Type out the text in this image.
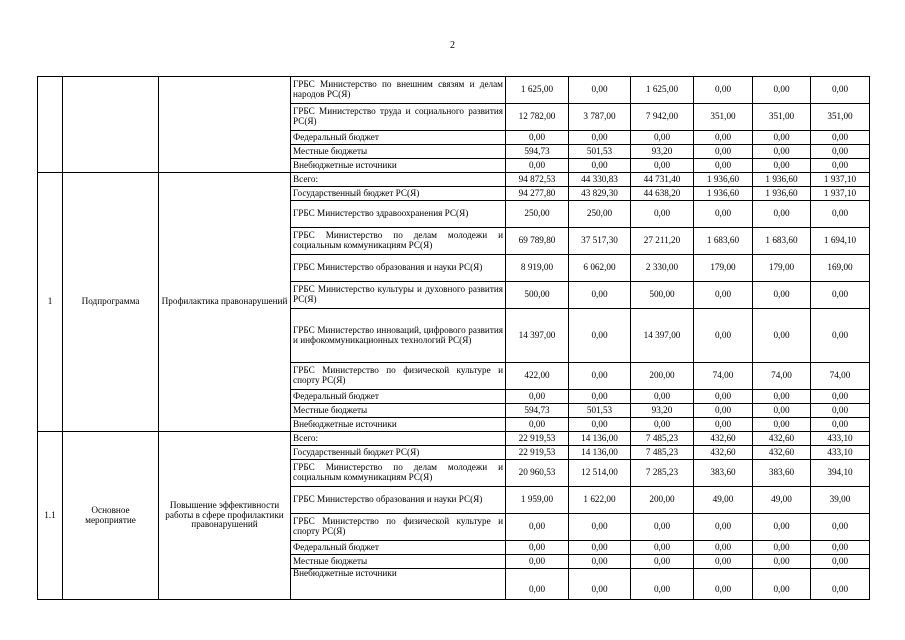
2
			ГРБС Министерство по внешним связям и делам народов РС(Я)	1 625,00	0,00	1 625,00	0,00	0,00	0,00
			ГРБС Министерство труда и социального развития РС(Я)	12 782,00	3 787,00	7 942,00	351,00	351,00	351,00
			Федеральный бюджет	0,00	0,00	0,00	0,00	0,00	0,00
			Местные бюджеты	594,73	501,53	93,20	0,00	0,00	0,00
			Внебюджетные источники	0,00	0,00	0,00	0,00	0,00	0,00
1	Подпрограмма	Профилактика правонарушений	Всего:	94 872,53	44 330,83	44 731,40	1 936,60	1 936,60	1 937,10
			Государственный бюджет РС(Я)	94 277,80	43 829,30	44 638,20	1 936,60	1 936,60	1 937,10
			ГРБС Министерство здравоохранения РС(Я)	250,00	250,00	0,00	0,00	0,00	0,00
			ГРБС Министерство по делам молодежи и социальным коммуникациям РС(Я)	69 789,80	37 517,30	27 211,20	1 683,60	1 683,60	1 694,10
			ГРБС Министерство образования и науки РС(Я)	8 919,00	6 062,00	2 330,00	179,00	179,00	169,00
			ГРБС Министерство культуры и духовного развития РС(Я)	500,00	0,00	500,00	0,00	0,00	0,00
			ГРБС Министерство инноваций, цифрового развития и инфокоммуникационных технологий РС(Я)	14 397,00	0,00	14 397,00	0,00	0,00	0,00
			ГРБС Министерство по физической культуре и спорту РС(Я)	422,00	0,00	200,00	74,00	74,00	74,00
			Федеральный бюджет	0,00	0,00	0,00	0,00	0,00	0,00
			Местные бюджеты	594,73	501,53	93,20	0,00	0,00	0,00
			Внебюджетные источники	0,00	0,00	0,00	0,00	0,00	0,00
1.1	Основное мероприятие	Повышение эффективности работы в сфере профилактики правонарушений	Всего:	22 919,53	14 136,00	7 485,23	432,60	432,60	433,10
			Государственный бюджет РС(Я)	22 919,53	14 136,00	7 485,23	432,60	432,60	433,10
			ГРБС Министерство по делам молодежи и социальным коммуникациям РС(Я)	20 960,53	12 514,00	7 285,23	383,60	383,60	394,10
			ГРБС Министерство образования и науки РС(Я)	1 959,00	1 622,00	200,00	49,00	49,00	39,00
			ГРБС Министерство по физической культуре и спорту РС(Я)	0,00	0,00	0,00	0,00	0,00	0,00
			Федеральный бюджет	0,00	0,00	0,00	0,00	0,00	0,00
			Местные бюджеты	0,00	0,00	0,00	0,00	0,00	0,00
			Внебюджетные источники	0,00	0,00	0,00	0,00	0,00	0,00
